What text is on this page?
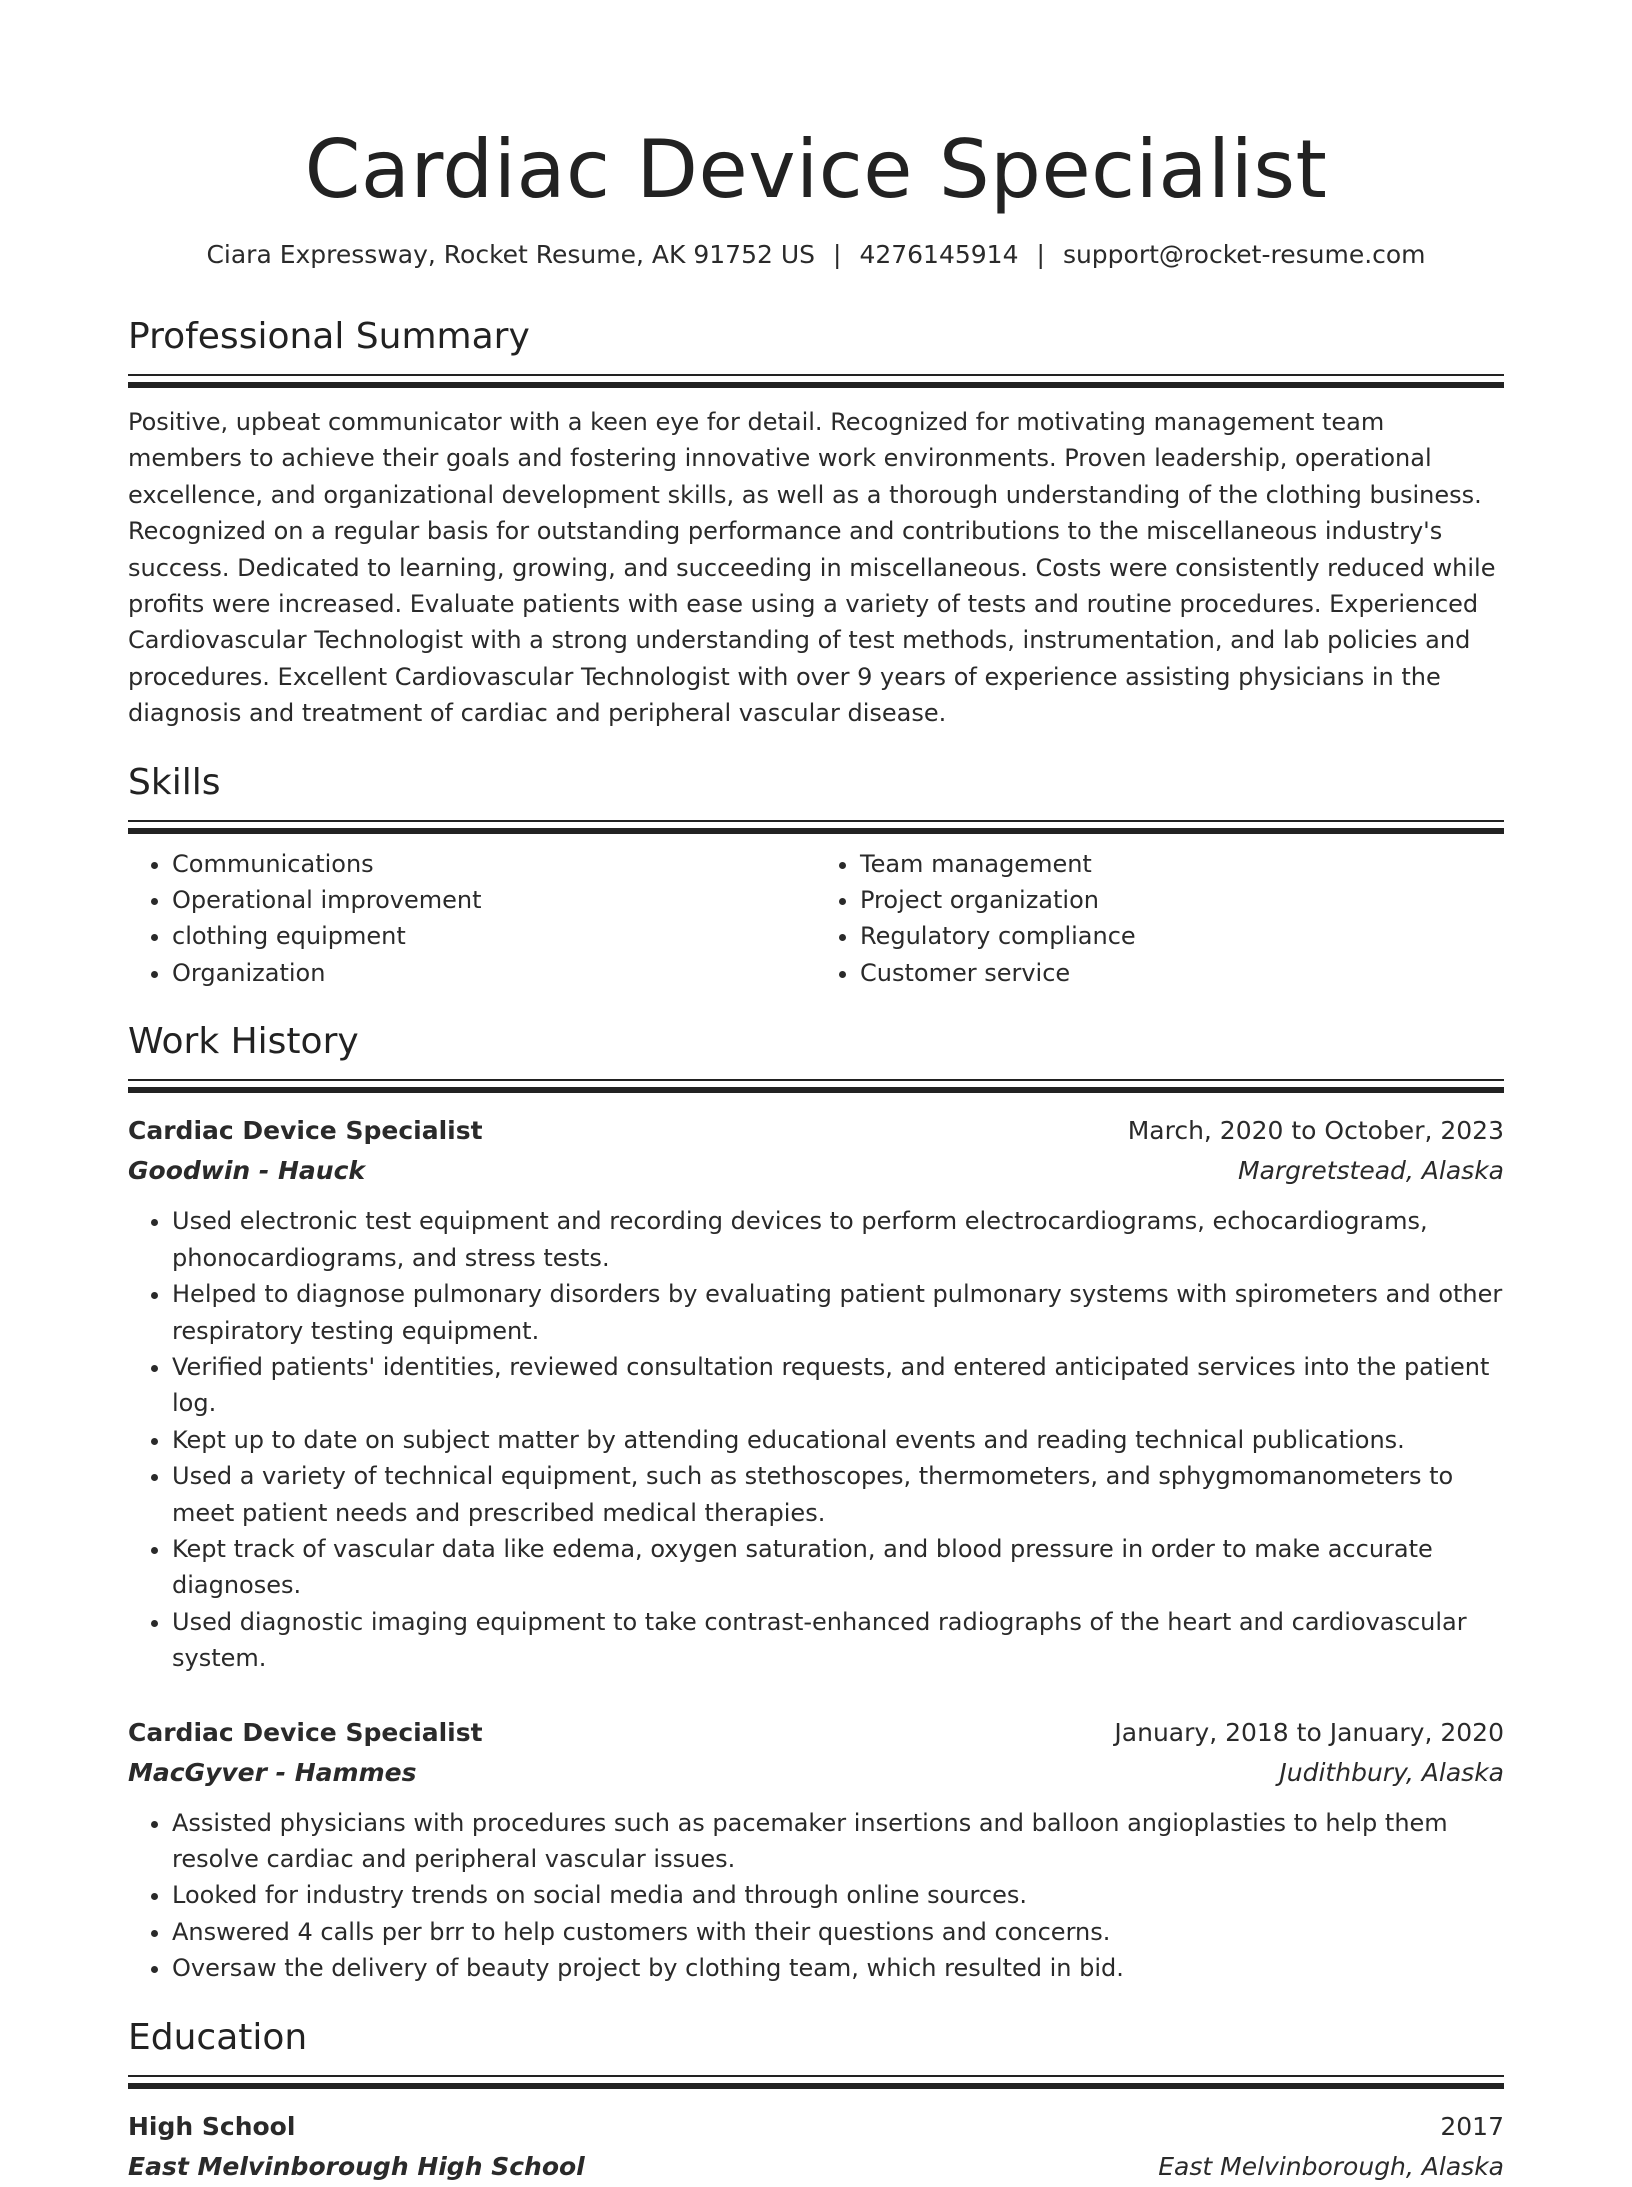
Cardiac Device Specialist
Ciara Expressway, Rocket Resume, AK 91752 US | 4276145914 | support@rocket-resume.com
Professional Summary
Positive, upbeat communicator with a keen eye for detail. Recognized for motivating management team members to achieve their goals and fostering innovative work environments. Proven leadership, operational excellence, and organizational development skills, as well as a thorough understanding of the clothing business. Recognized on a regular basis for outstanding performance and contributions to the miscellaneous industry's success. Dedicated to learning, growing, and succeeding in miscellaneous. Costs were consistently reduced while profits were increased. Evaluate patients with ease using a variety of tests and routine procedures. Experienced Cardiovascular Technologist with a strong understanding of test methods, instrumentation, and lab policies and procedures. Excellent Cardiovascular Technologist with over 9 years of experience assisting physicians in the diagnosis and treatment of cardiac and peripheral vascular disease.
Skills
• Communications
• Operational improvement
• clothing equipment
• Organization
• Team management
• Project organization
• Regulatory compliance
• Customer service
Work History
Cardiac Device Specialist	March, 2020 to October, 2023
Goodwin - Hauck	Margretstead, Alaska
• Used electronic test equipment and recording devices to perform electrocardiograms, echocardiograms, phonocardiograms, and stress tests.
• Helped to diagnose pulmonary disorders by evaluating patient pulmonary systems with spirometers and other respiratory testing equipment.
• Verified patients' identities, reviewed consultation requests, and entered anticipated services into the patient log.
• Kept up to date on subject matter by attending educational events and reading technical publications.
• Used a variety of technical equipment, such as stethoscopes, thermometers, and sphygmomanometers to meet patient needs and prescribed medical therapies.
• Kept track of vascular data like edema, oxygen saturation, and blood pressure in order to make accurate diagnoses.
• Used diagnostic imaging equipment to take contrast-enhanced radiographs of the heart and cardiovascular system.
Cardiac Device Specialist	January, 2018 to January, 2020
MacGyver - Hammes	Judithbury, Alaska
• Assisted physicians with procedures such as pacemaker insertions and balloon angioplasties to help them resolve cardiac and peripheral vascular issues.
• Looked for industry trends on social media and through online sources.
• Answered 4 calls per brr to help customers with their questions and concerns.
• Oversaw the delivery of beauty project by clothing team, which resulted in bid.
Education
High School	2017
East Melvinborough High School	East Melvinborough, Alaska
